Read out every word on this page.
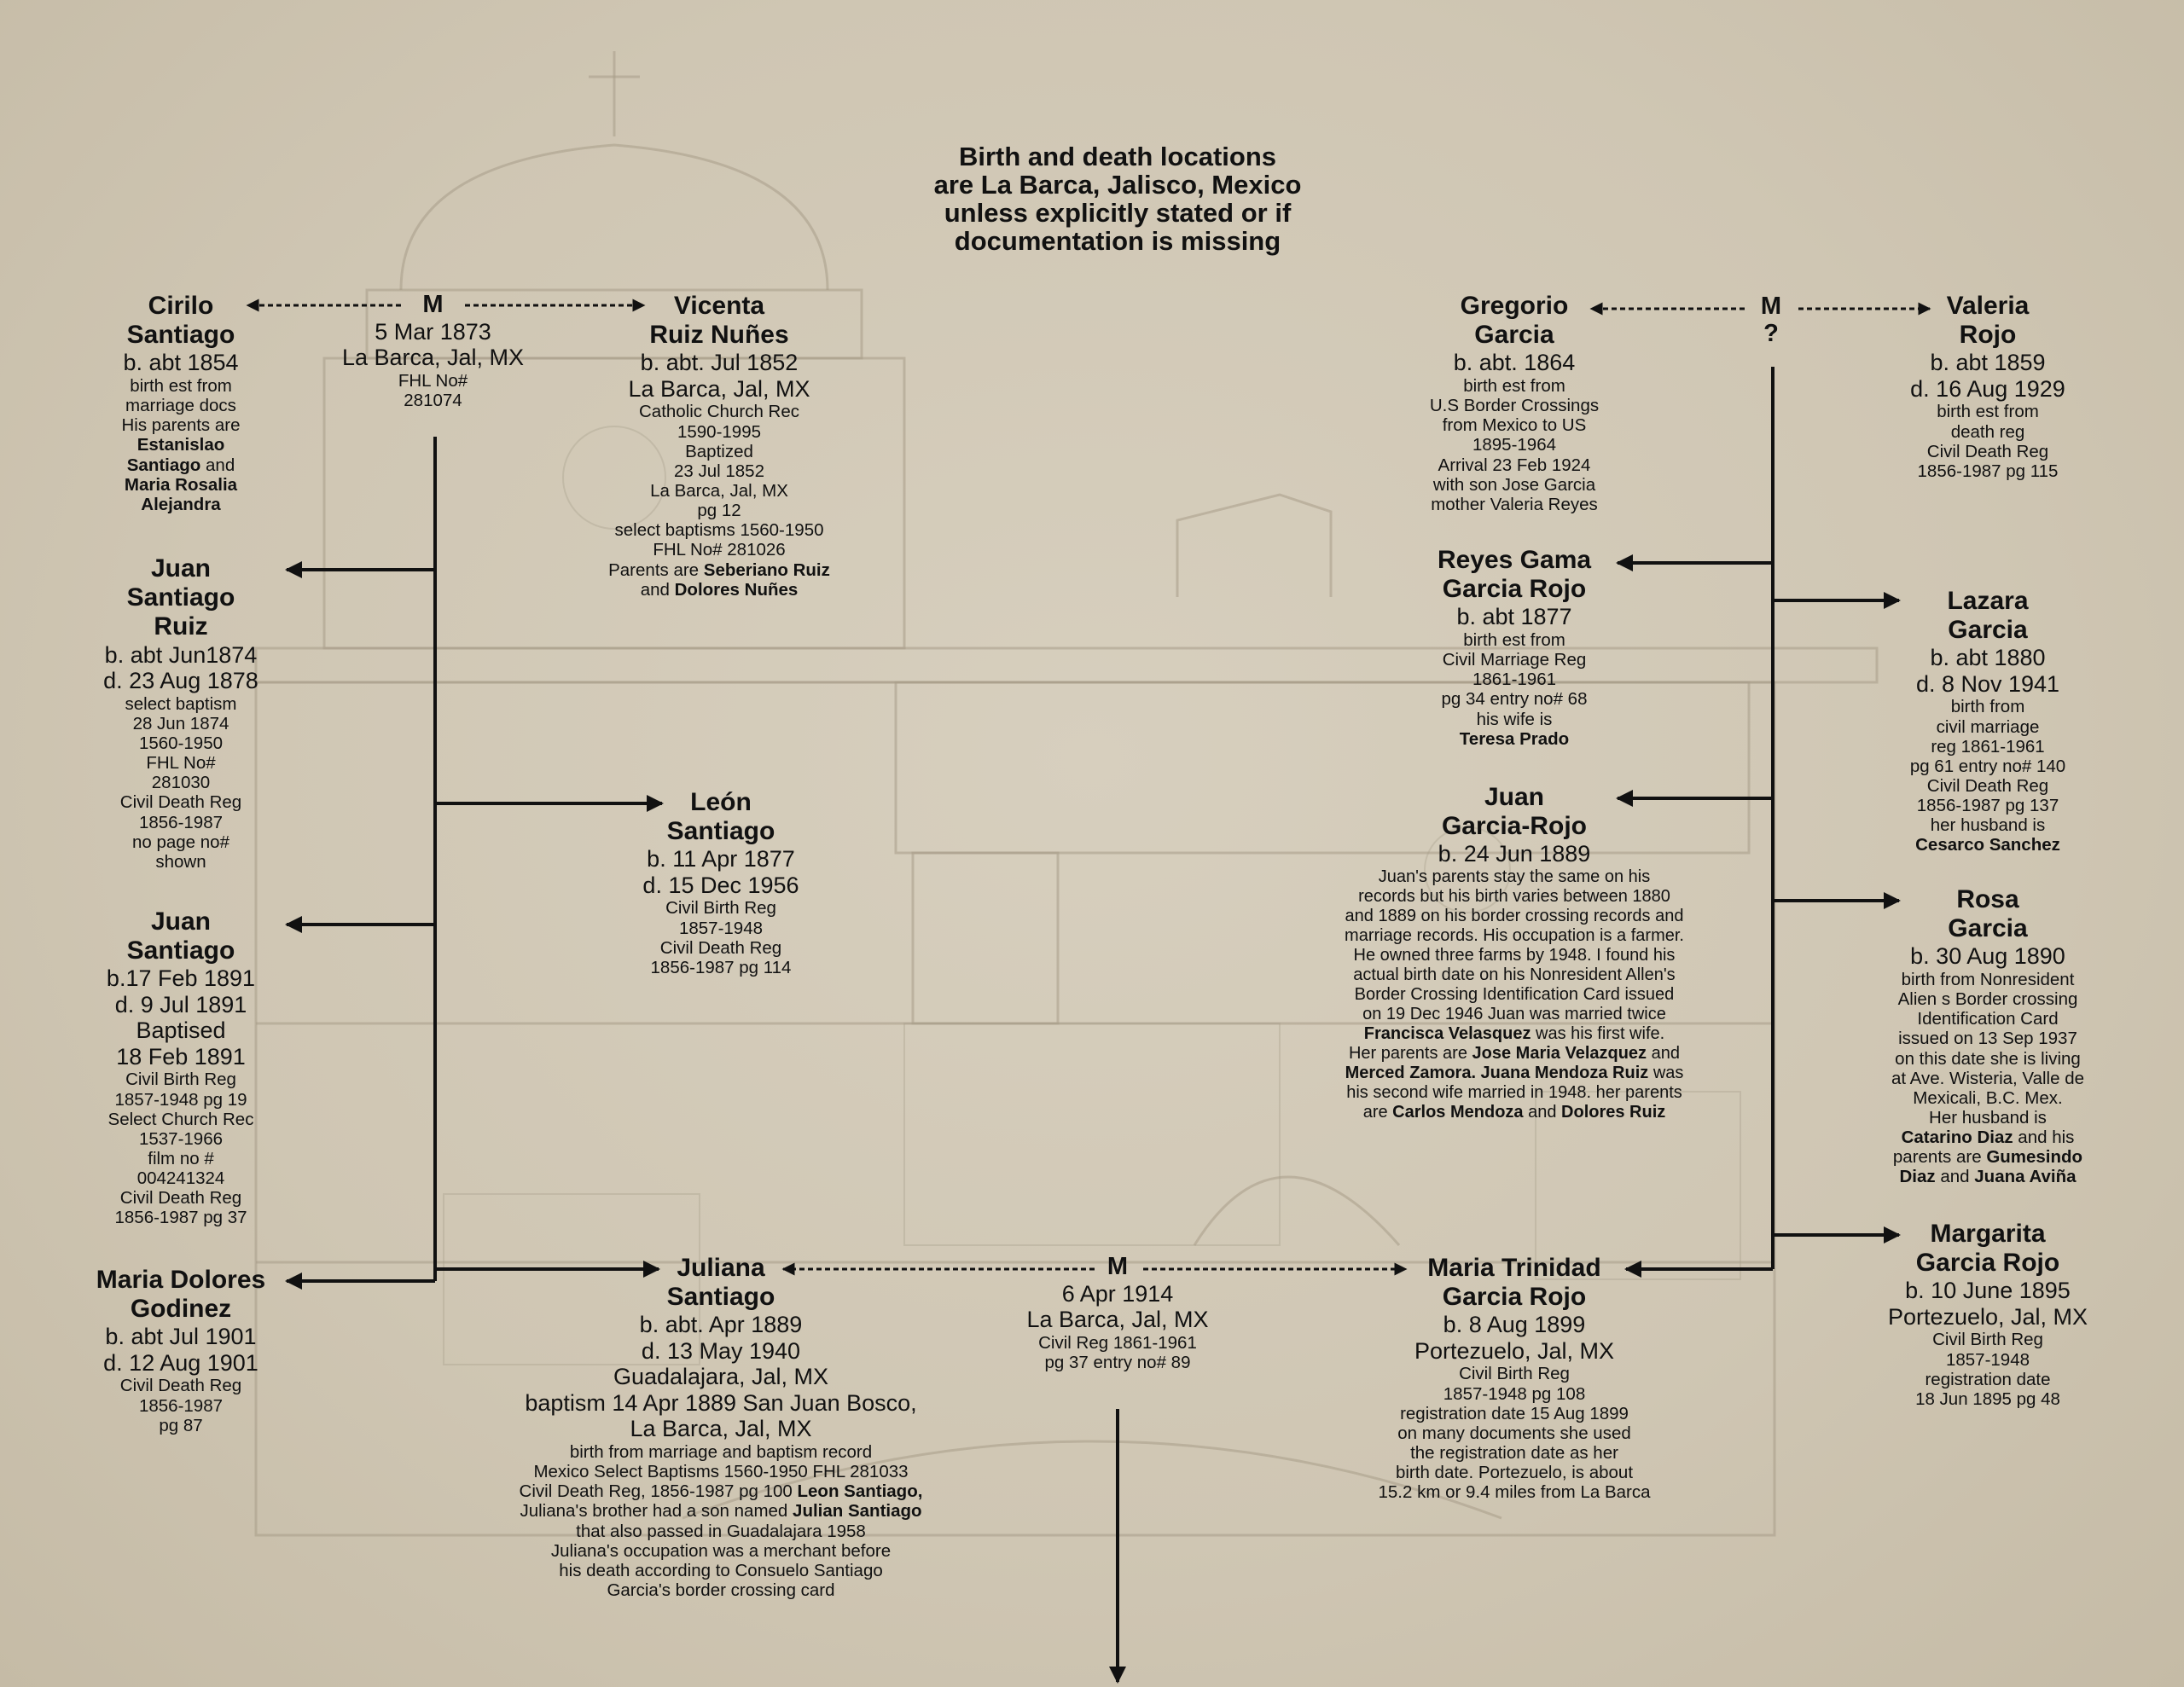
Birth and death locations
are La Barca, Jalisco, Mexico
unless explicitly stated or if
documentation is missing
M
5 Mar 1873
La Barca, Jal, MX
FHL No#
281074
M
?
M
6 Apr 1914
La Barca, Jal, MX
Civil Reg 1861-1961
pg 37 entry no# 89
Cirilo
Santiago
b. abt 1854
birth est from
marriage docs
His parents are
Estanislao
Santiago and
Maria Rosalia
Alejandra
Vicenta
Ruiz Nuñes
b. abt. Jul 1852
La Barca, Jal, MX
Catholic Church Rec
1590-1995
Baptized
23 Jul 1852
La Barca, Jal, MX
pg 12
select baptisms 1560-1950
FHL No# 281026
Parents are Seberiano Ruiz
and Dolores Nuñes
Juan
Santiago
Ruiz
b. abt Jun1874
d. 23 Aug 1878
select baptism
28 Jun 1874
1560-1950
FHL No#
281030
Civil Death Reg
1856-1987
no page no#
shown
León
Santiago
b. 11 Apr 1877
d. 15 Dec 1956
Civil Birth Reg
1857-1948
Civil Death Reg
1856-1987 pg 114
Juan
Santiago
b.17 Feb 1891
d. 9 Jul 1891
Baptised
18 Feb 1891
Civil Birth Reg
1857-1948 pg 19
Select Church Rec
1537-1966
film no #
004241324
Civil Death Reg
1856-1987 pg 37
Maria Dolores
Godinez
b. abt Jul 1901
d. 12 Aug 1901
Civil Death Reg
1856-1987
pg 87
Juliana
Santiago
b. abt. Apr 1889
d. 13 May 1940
Guadalajara, Jal, MX
baptism 14 Apr 1889 San Juan Bosco,
La Barca, Jal, MX
birth from marriage and baptism record
Mexico Select Baptisms 1560-1950 FHL 281033
Civil Death Reg, 1856-1987 pg 100 Leon Santiago,
Juliana's brother had a son named Julian Santiago
that also passed in Guadalajara 1958
Juliana's occupation was a merchant before
his death according to Consuelo Santiago
Garcia's border crossing card
Gregorio
Garcia
b. abt. 1864
birth est from
U.S Border Crossings
from Mexico to US
1895-1964
Arrival 23 Feb 1924
with son Jose Garcia
mother Valeria Reyes
Valeria
Rojo
b. abt 1859
d. 16 Aug 1929
birth est from
death reg
Civil Death Reg
1856-1987 pg 115
Reyes Gama
Garcia Rojo
b. abt 1877
birth est from
Civil Marriage Reg
1861-1961
pg 34 entry no# 68
his wife is
Teresa Prado
Lazara
Garcia
b. abt 1880
d. 8 Nov 1941
birth from
civil marriage
reg 1861-1961
pg 61 entry no# 140
Civil Death Reg
1856-1987 pg 137
her husband is
Cesarco Sanchez
Juan
Garcia-Rojo
b. 24 Jun 1889
Juan's parents stay the same on his
records but his birth varies between 1880
and 1889 on his border crossing records and
marriage records. His occupation is a farmer.
He owned three farms by 1948. I found his
actual birth date on his Nonresident Allen's
Border Crossing Identification Card issued
on 19 Dec 1946 Juan was married twice
Francisca Velasquez was his first wife.
Her parents are Jose Maria Velazquez and
Merced Zamora. Juana Mendoza Ruiz was
his second wife married in 1948. her parents
are Carlos Mendoza and Dolores Ruiz
Rosa
Garcia
b. 30 Aug 1890
birth from Nonresident
Alien s Border crossing
Identification Card
issued on 13 Sep 1937
on this date she is living
at Ave. Wisteria, Valle de
Mexicali, B.C. Mex.
Her husband is
Catarino Diaz and his
parents are Gumesindo
Diaz and Juana Aviña
Maria Trinidad
Garcia Rojo
b. 8 Aug 1899
Portezuelo, Jal, MX
Civil Birth Reg
1857-1948 pg 108
registration date 15 Aug 1899
on many documents she used
the registration date as her
birth date. Portezuelo, is about
15.2 km or 9.4 miles from La Barca
Margarita
Garcia Rojo
b. 10 June 1895
Portezuelo, Jal, MX
Civil Birth Reg
1857-1948
registration date
18 Jun 1895 pg 48
